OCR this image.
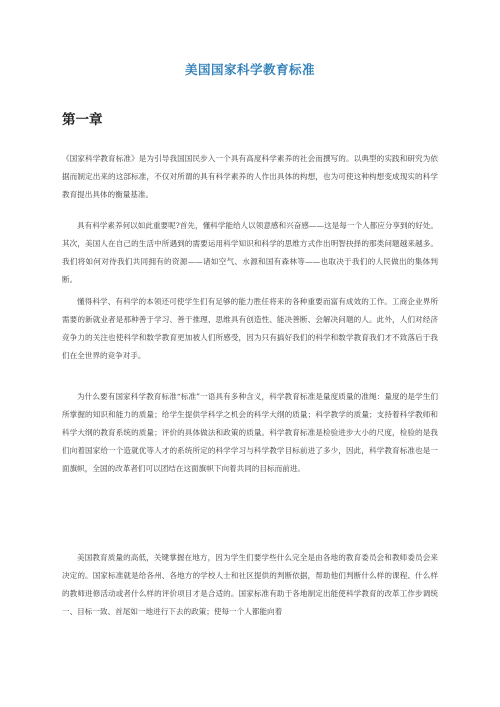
美国国家科学教育标准
第一章

《国家科学教育标准》是为引导我国国民步入一个具有高度科学素养的社会而撰写的。以典型的实践和研究为依据而制定出来的这部标准，不仅对所谓的具有科学素养的人作出具体的构想，也为可使这种构想变成现实的科学教育提出具体的衡量基准。

具有科学素养何以如此重要呢?首先，懂科学能给人以领意感和兴奋感——这是每一个人都应分享到的好处。其次，美国人在自己的生活中所遇到的需要运用科学知识和科学的思维方式作出明智抉择的那类问题越来越多。我们将如何对待我们共同拥有的资源——诸如空气、水源和国有森林等——也取决于我们的人民做出的集体判断。

懂得科学、有科学的本领还可使学生们有足够的能力胜任将来的各种重要而富有成效的工作。工商企业界所需要的新就业者是那种善于学习、善于推理、思维具有创造性、能决善断、会解决问题的人。此外，人们对经济竞争力的关注也使科学和数学教育更加被人们所感受，因为只有搞好我们的科学和数学教育我们才不致落后于我们在全世界的竞争对手。

为什么要有国家科学教育标准“标准”一语具有多种含义，科学教育标准是量度质量的准绳：量度的是学生们所掌握的知识和能力的质量；给学生提供学科学之机会的科学大纲的质量；科学教学的质量；支持着科学教师和科学大纲的教育系统的质量；评价的具体做法和政策的质量。科学教育标准是检验进步大小的尺度，检验的是我们向着国家给一个造就优等人才的系统所定的科学学习与科学教学目标前进了多少，因此，科学教育标准也是一面旗帜，全国的改革者们可以团结在这面旗帜下向着共同的目标而前进。

美国教育质量的高低，关键掌握在地方，因为学生们要学些什么完全是由各地的教育委员会和教师委员会来决定的。国家标准就是给各州、各地方的学校人士和社区提供的判断依据，帮助他们判断什么样的课程、什么样的教师进修活动或者什么样的评价项目才是合适的。国家标准有助于各地制定出能使科学教育的改革工作步调统一、目标一致、首尾如一地进行下去的政策；使每一个人都能向着
